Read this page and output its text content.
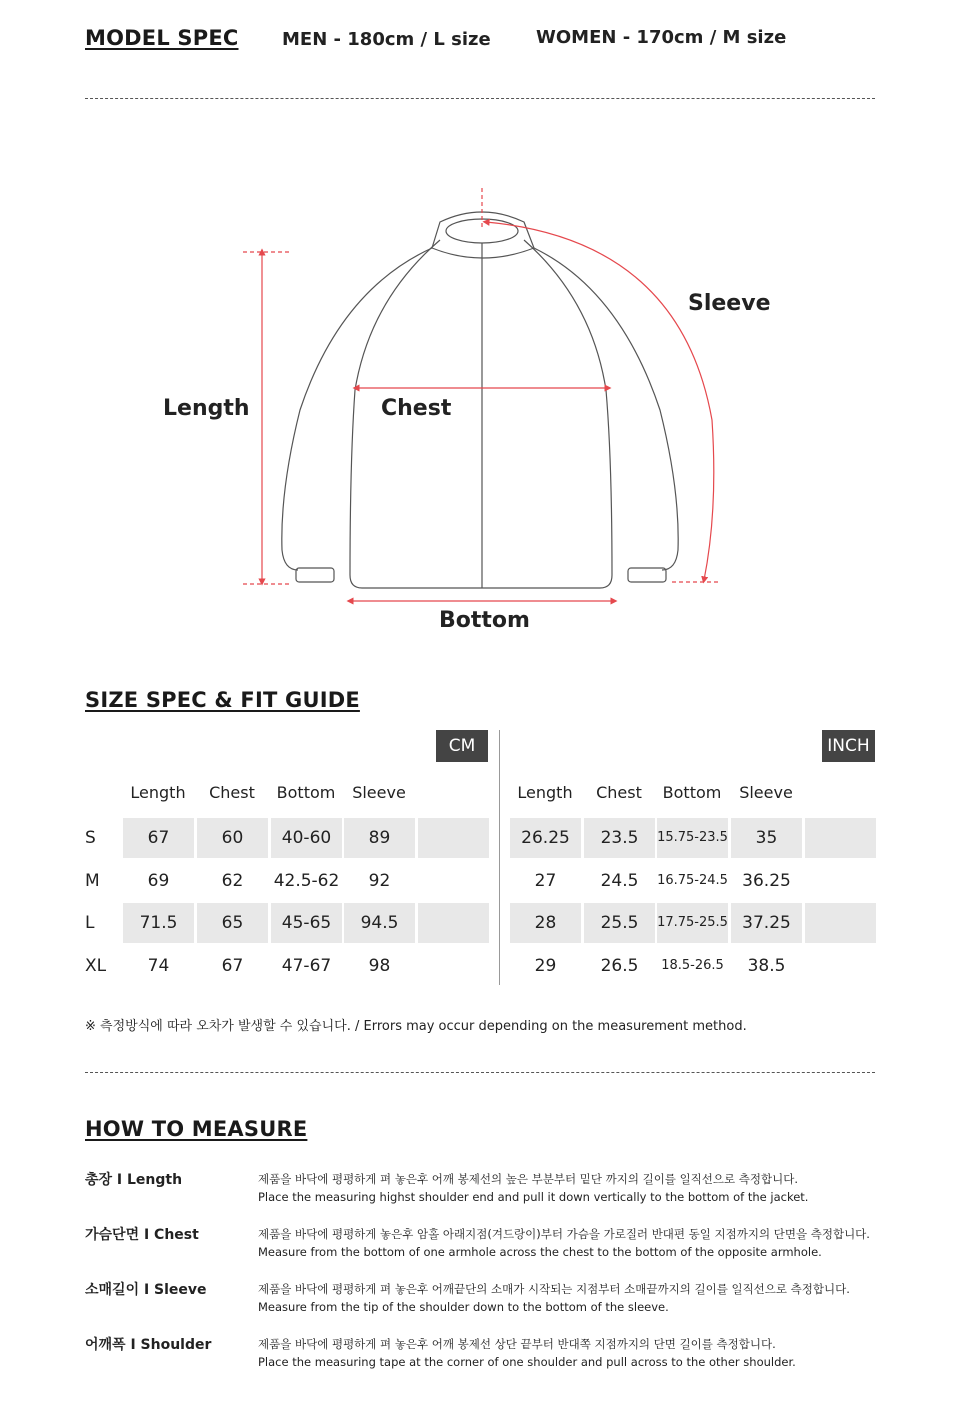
MODEL SPEC MEN - 180cm / L size	WOMEN - 170cm / M size
Length	Chest
Sleeve
Bottom
SIZE SPEC & FIT GUIDE
CM	INCH
Length	Chest	Bottom	Sleeve	Length	Chest	Bottom	Sleeve
S	67	60	40-60	89	26.25	23.5	15.75-23.5	35
M	69	62	42.5-62	92	27	24.5	16.75-24.5 36.25
L	71.5	65	45-65	94.5	28	25.5	17.75-25.5 37.25
XL	74	67	47-67	98	29	26.5	18.5-26.5	38.5
※ 측정방식에 따라 오차가 발생할 수 있습니다. / Errors may occur depending on the measurement method.
HOW TO MEASURE
총장 I Length	제품을 바닥에 평평하게 펴 놓은후 어깨 봉제선의 높은 부분부터 밑단 까지의 길이를 일직선으로 측정합니다.
Place the measuring highst shoulder end and pull it down vertically to the bottom of the jacket.
가슴단면 I Chest	제품을 바닥에 평평하게 놓은후 암홀 아래지점(겨드랑이)부터 가슴을 가로질러 반대편 동일 지점까지의 단면을 측정합니다.
Measure from the bottom of one armhole across the chest to the bottom of the opposite armhole.
소매길이 I Sleeve	제품을 바닥에 평평하게 펴 놓은후 어깨끝단의 소매가 시작되는 지점부터 소매끝까지의 길이를 일직선으로 측정합니다.
Measure from the tip of the shoulder down to the bottom of the sleeve.
어깨폭 I Shoulder	제품을 바닥에 평평하게 펴 놓은후 어깨 봉제선 상단 끝부터 반대쪽 지점까지의 단면 길이를 측정합니다.
Place the measuring tape at the corner of one shoulder and pull across to the other shoulder.
